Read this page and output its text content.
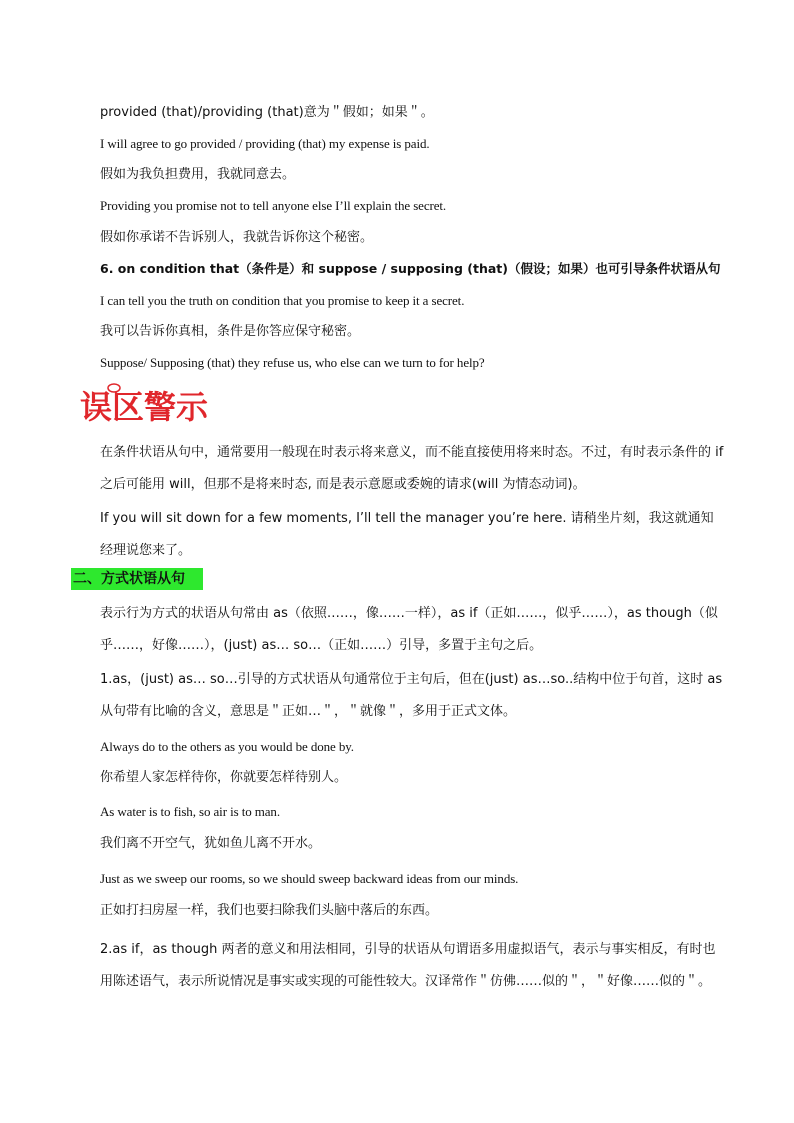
provided (that)/providing (that)意为＂假如；如果＂。
I will agree to go provided / providing (that) my expense is paid.
假如为我负担费用，我就同意去。
Providing you promise not to tell anyone else I’ll explain the secret.
假如你承诺不告诉别人，我就告诉你这个秘密。
6. on condition that（条件是）和 suppose / supposing (that)（假设；如果）也可引导条件状语从句
I can tell you the truth on condition that you promise to keep it a secret.
我可以告诉你真相，条件是你答应保守秘密。
Suppose/ Supposing (that) they refuse us, who else can we turn to for help?
误区警示
在条件状语从句中，通常要用一般现在时表示将来意义，而不能直接使用将来时态。不过，有时表示条件的 if 之后可能用 will，但那不是将来时态, 而是表示意愿或委婉的请求(will 为情态动词)。
If you will sit down for a few moments, I’ll tell the manager you’re here. 请稍坐片刻，我这就通知经理说您来了。
二、方式状语从句
表示行为方式的状语从句常由 as（依照……，像……一样），as if（正如……，似乎……），as though（似乎……，好像……），(just) as… so…（正如……）引导，多置于主句之后。
1.as，(just) as… so…引导的方式状语从句通常位于主句后，但在(just) as…so..结构中位于句首，这时 as 从句带有比喻的含义，意思是＂正如…＂，＂就像＂，多用于正式文体。
Always do to the others as you would be done by.
你希望人家怎样待你，你就要怎样待别人。
As water is to fish, so air is to man.
我们离不开空气，犹如鱼儿离不开水。
Just as we sweep our rooms, so we should sweep backward ideas from our minds.
正如打扫房屋一样，我们也要扫除我们头脑中落后的东西。
2.as if，as though 两者的意义和用法相同，引导的状语从句谓语多用虚拟语气，表示与事实相反，有时也用陈述语气，表示所说情况是事实或实现的可能性较大。汉译常作＂仿佛……似的＂，＂好像……似的＂。
